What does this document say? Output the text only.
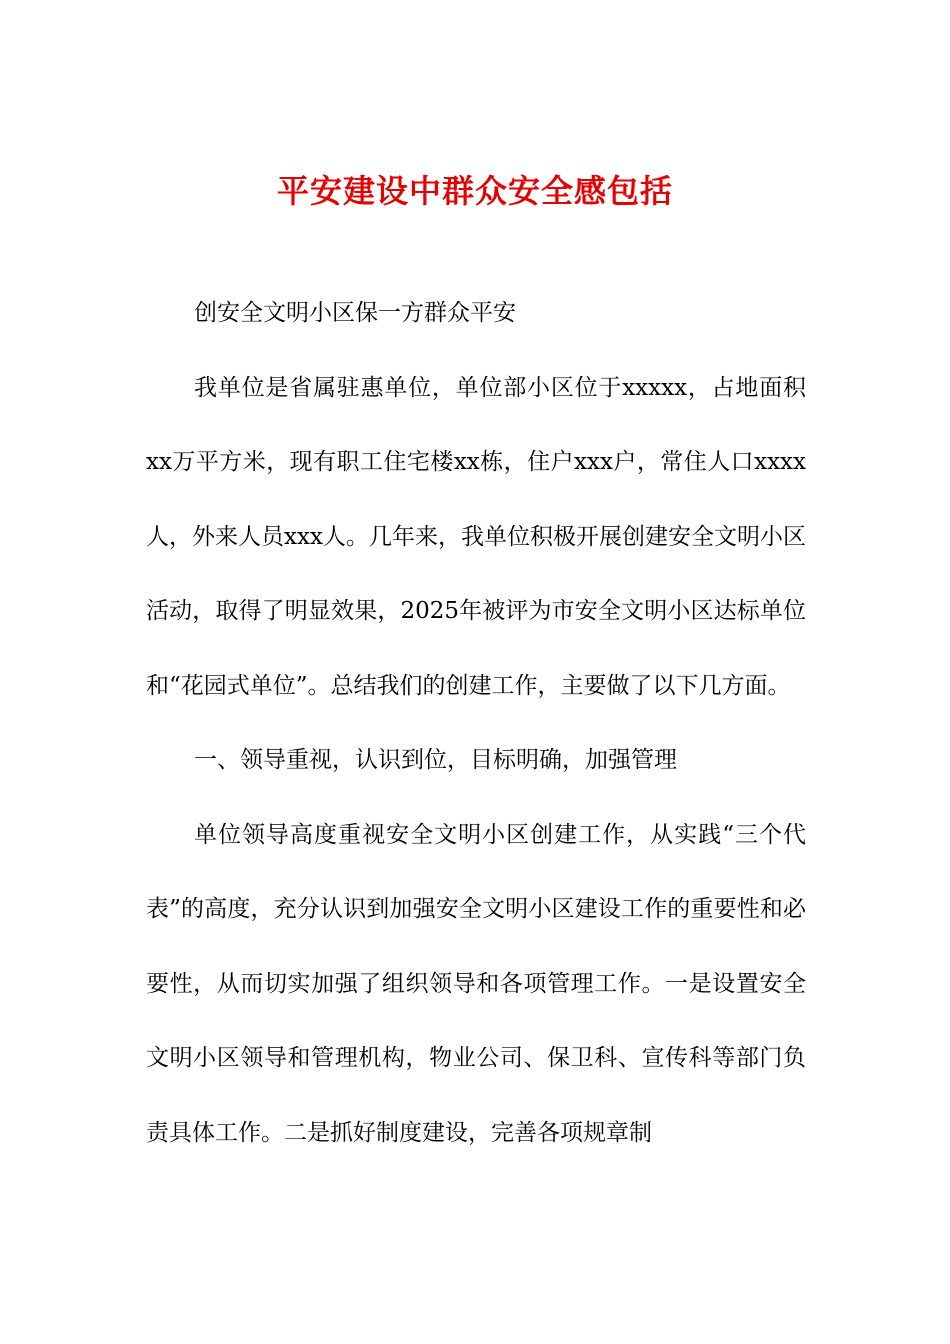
平安建设中群众安全感包括

创安全文明小区保一方群众平安

我单位是省属驻惠单位，单位部小区位于xxxxx，占地面积xx万平方米，现有职工住宅楼xx栋，住户xxx户，常住人口xxxx人，外来人员xxx人。几年来，我单位积极开展创建安全文明小区活动，取得了明显效果，2025年被评为市安全文明小区达标单位和“花园式单位”。总结我们的创建工作，主要做了以下几方面。

一、领导重视，认识到位，目标明确，加强管理

单位领导高度重视安全文明小区创建工作，从实践“三个代表”的高度，充分认识到加强安全文明小区建设工作的重要性和必要性，从而切实加强了组织领导和各项管理工作。一是设置安全文明小区领导和管理机构，物业公司、保卫科、宣传科等部门负责具体工作。二是抓好制度建设，完善各项规章制
